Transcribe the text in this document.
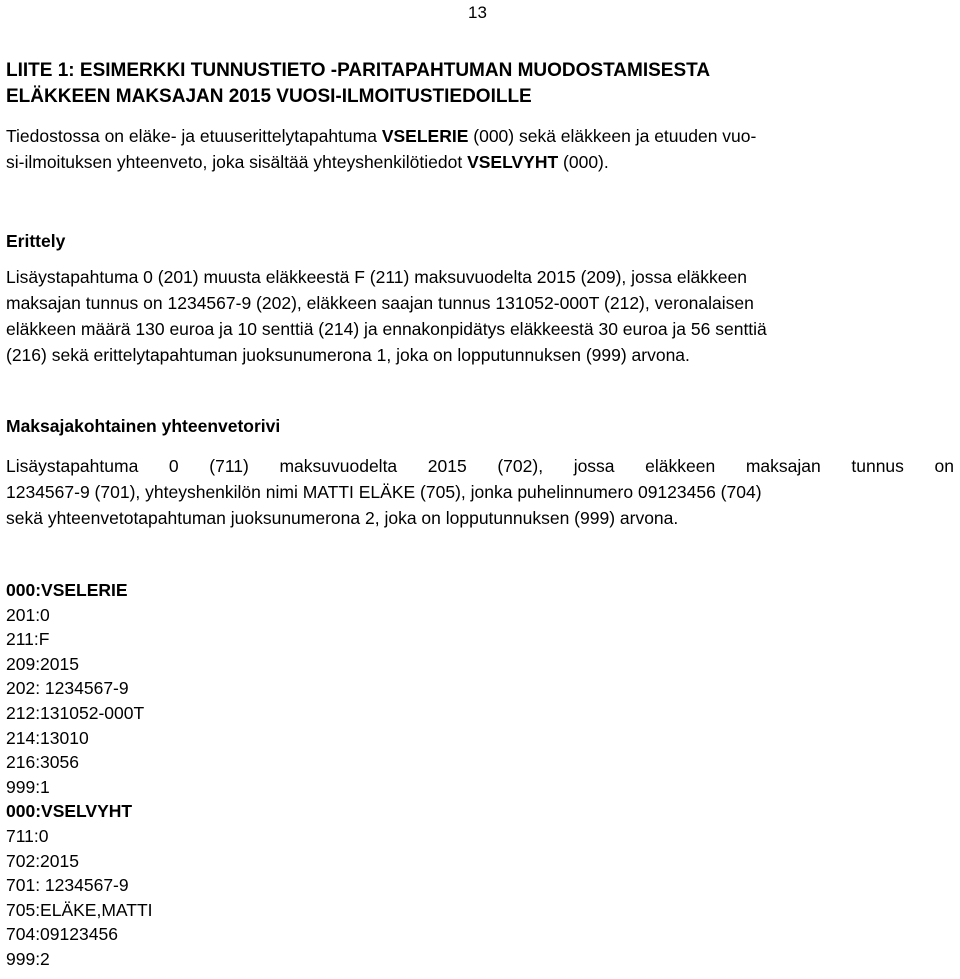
13
LIITE 1: ESIMERKKI TUNNUSTIETO -PARITAPAHTUMAN MUODOSTAMISESTA
ELÄKKEEN MAKSAJAN 2015 VUOSI-ILMOITUSTIEDOILLE
Tiedostossa on eläke- ja etuuserittelytapahtuma VSELERIE (000) sekä eläkkeen ja etuuden vuo-
si-ilmoituksen yhteenveto, joka sisältää yhteyshenkilötiedot VSELVYHT (000).
Erittely
Lisäystapahtuma 0 (201) muusta eläkkeestä F (211) maksuvuodelta 2015 (209), jossa eläkkeen
maksajan tunnus on 1234567-9 (202), eläkkeen saajan tunnus 131052-000T (212), veronalaisen
eläkkeen määrä 130 euroa ja 10 senttiä (214) ja ennakonpidätys eläkkeestä 30 euroa ja 56 senttiä
(216) sekä erittelytapahtuman juoksunumerona 1, joka on lopputunnuksen (999) arvona.
Maksajakohtainen yhteenvetorivi
Lisäystapahtuma 0 (711) maksuvuodelta 2015 (702), jossa eläkkeen maksajan tunnus on
1234567-9 (701), yhteyshenkilön nimi MATTI ELÄKE (705), jonka puhelinnumero 09123456 (704)
sekä yhteenvetotapahtuman juoksunumerona 2, joka on lopputunnuksen (999) arvona.
000:VSELERIE
201:0
211:F
209:2015
202: 1234567-9
212:131052-000T
214:13010
216:3056
999:1
000:VSELVYHT
711:0
702:2015
701: 1234567-9
705:ELÄKE,MATTI
704:09123456
999:2
